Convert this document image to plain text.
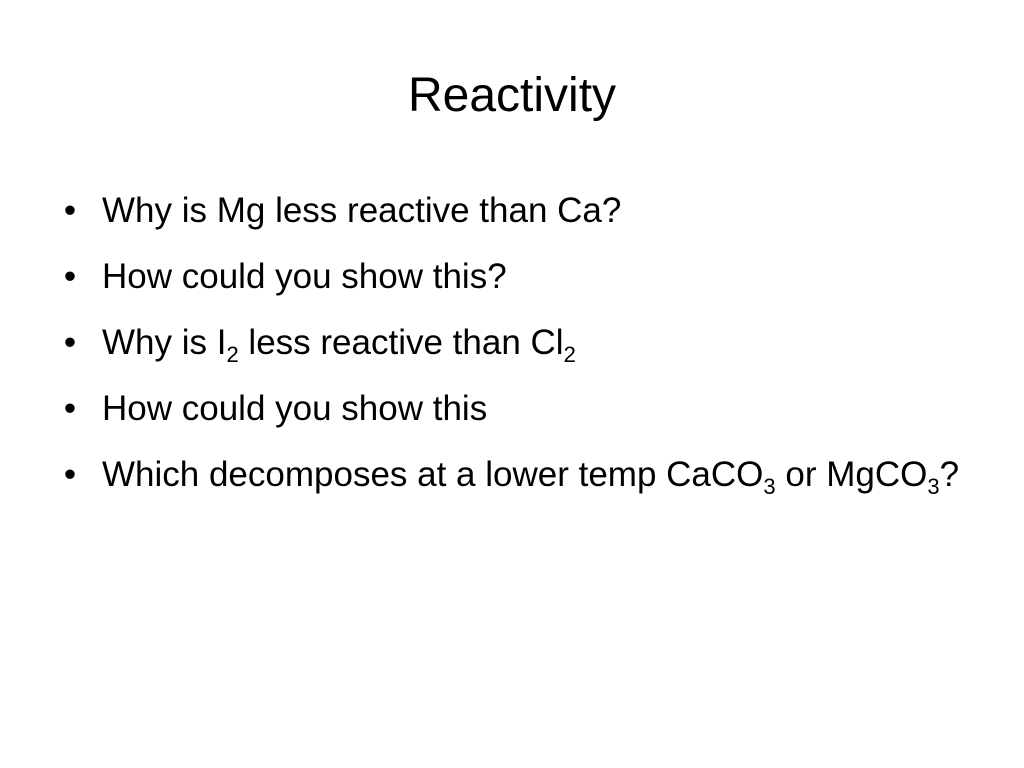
Reactivity
• Why is Mg less reactive than Ca?
• How could you show this?
• Why is $I_2$ less reactive than $Cl_2$
• How could you show this
• Which decomposes at a lower temp CaCO$_3$ or MgCO$_3$?
